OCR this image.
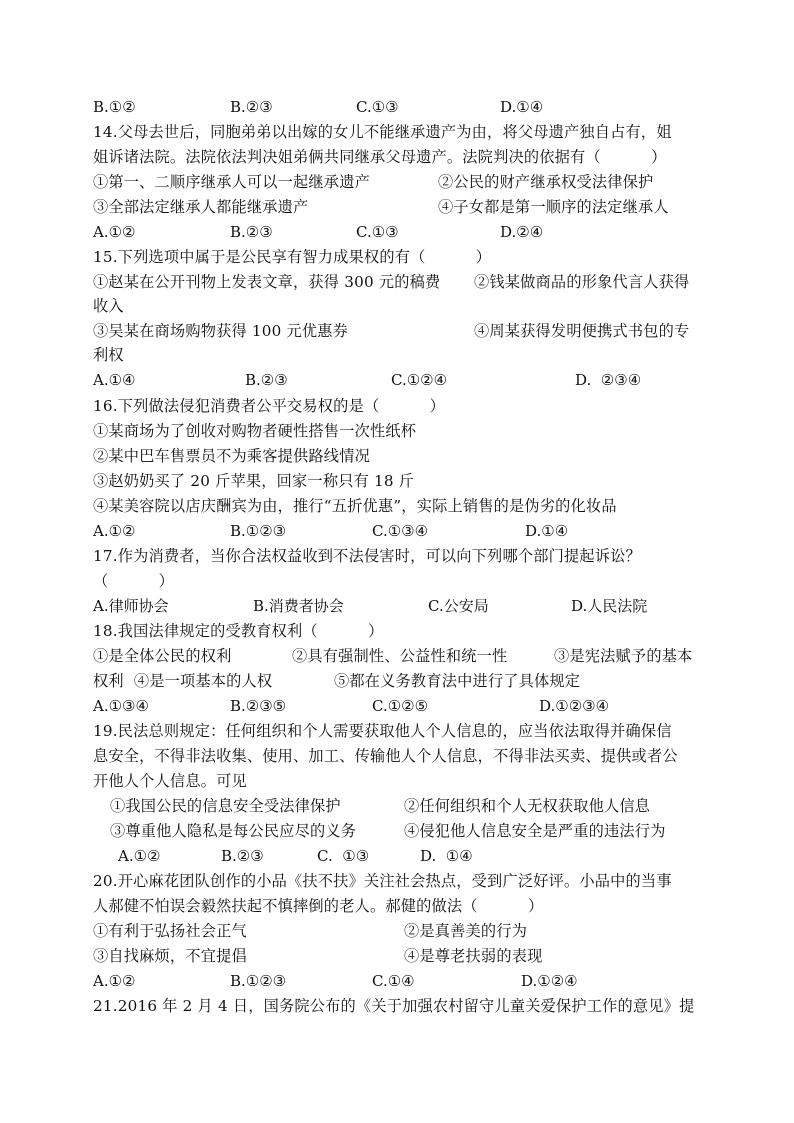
B.①②	B.②③	C.①③	D.①④
14.父母去世后，同胞弟弟以出嫁的女儿不能继承遗产为由，将父母遗产独自占有，姐
姐诉诸法院。法院依法判决姐弟俩共同继承父母遗产。法院判决的依据有（          ）
①第一、二顺序继承人可以一起继承遗产	②公民的财产继承权受法律保护
③全部法定继承人都能继承遗产	④子女都是第一顺序的法定继承人
A.①②	B.②③	C.①③	D.②④
15.下列选项中属于是公民享有智力成果权的有（          ）
①赵某在公开刊物上发表文章，获得 300 元的稿费 ②钱某做商品的形象代言人获得
收入
③吴某在商场购物获得 100 元优惠券	④周某获得发明便携式书包的专
利权
A.①④	B.②③	C.①②④	D.  ②③④
16.下列做法侵犯消费者公平交易权的是（          ）
①某商场为了创收对购物者硬性搭售一次性纸杯
②某中巴车售票员不为乘客提供路线情况
③赵奶奶买了 20 斤苹果，回家一称只有 18 斤
④某美容院以店庆酬宾为由，推行“五折优惠”，实际上销售的是伪劣的化妆品
A.①②	B.①②③	C.①③④	D.①④
17.作为消费者，当你合法权益收到不法侵害时，可以向下列哪个部门提起诉讼？
（          ）
A.律师协会	B.消费者协会	C.公安局	D.人民法院
18.我国法律规定的受教育权利（          ）
①是全体公民的权利	②具有强制性、公益性和统一性	③是宪法赋予的基本
权利  ④是一项基本的人权	⑤都在义务教育法中进行了具体规定
A.①③④	B.②③⑤	C.①②⑤	D.①②③④
19.民法总则规定：任何组织和个人需要获取他人个人信息的，应当依法取得并确保信
息安全，不得非法收集、使用、加工、传输他人个人信息，不得非法买卖、提供或者公
开他人个人信息。可见
①我国公民的信息安全受法律保护	②任何组织和个人无权获取他人信息
③尊重他人隐私是每公民应尽的义务	④侵犯他人信息安全是严重的违法行为
A.①②	B.②③	C.  ①③	D.  ①④
20.开心麻花团队创作的小品《扶不扶》关注社会热点，受到广泛好评。小品中的当事
人郝健不怕误会毅然扶起不慎摔倒的老人。郝健的做法（          ）
①有利于弘扬社会正气	②是真善美的行为
③自找麻烦，不宜提倡	④是尊老扶弱的表现
A.①②	B.①②③	C.①④	D.①②④
21.2016 年 2 月 4 日，国务院公布的《关于加强农村留守儿童关爱保护工作的意见》提
